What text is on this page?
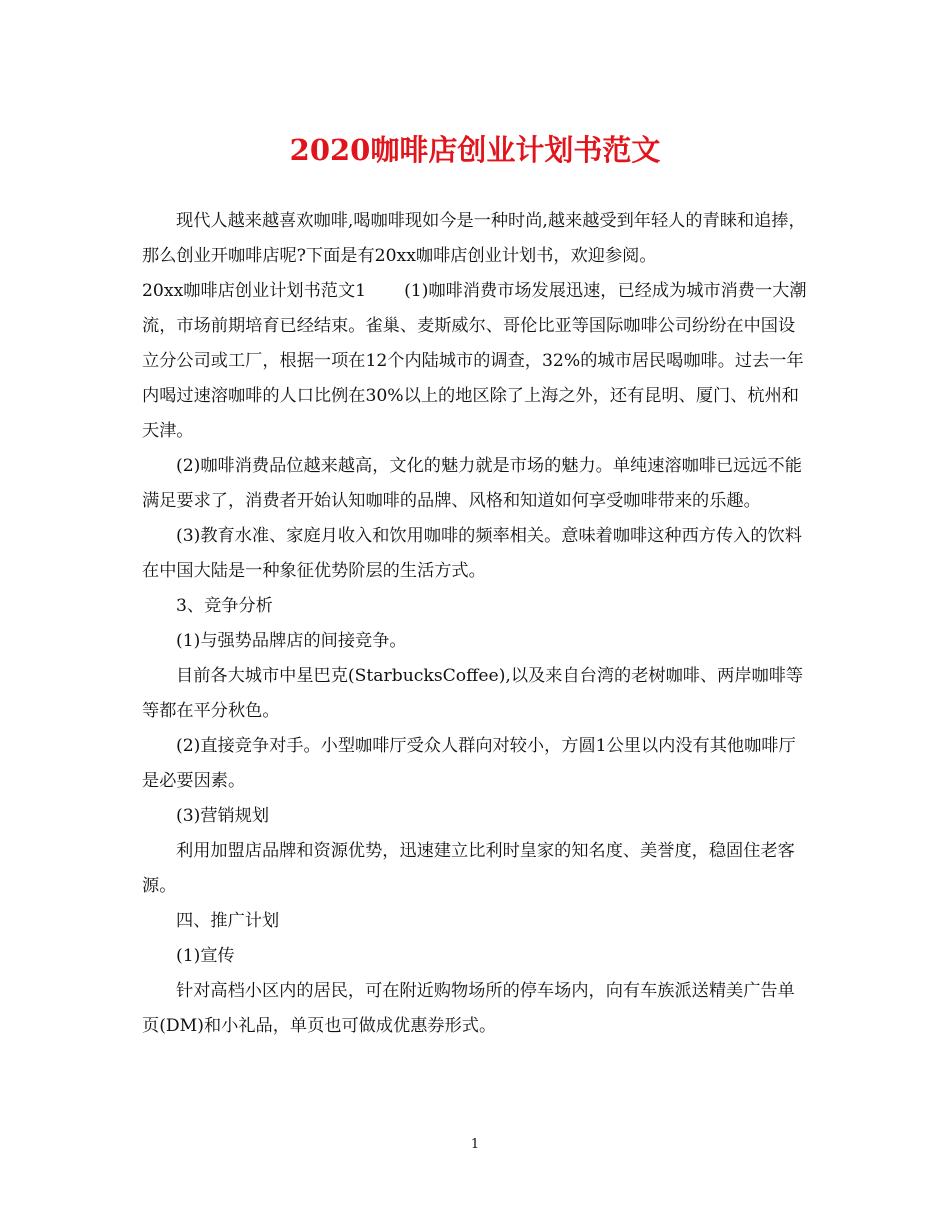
2020咖啡店创业计划书范文

现代人越来越喜欢咖啡,喝咖啡现如今是一种时尚,越来越受到年轻人的青睐和追捧，那么创业开咖啡店呢?下面是有20xx咖啡店创业计划书，欢迎参阅。

20xx咖啡店创业计划书范文1 (1)咖啡消费市场发展迅速，已经成为城市消费一大潮流，市场前期培育已经结束。雀巢、麦斯威尔、哥伦比亚等国际咖啡公司纷纷在中国设立分公司或工厂，根据一项在12个内陆城市的调查，32%的城市居民喝咖啡。过去一年内喝过速溶咖啡的人口比例在30%以上的地区除了上海之外，还有昆明、厦门、杭州和天津。

(2)咖啡消费品位越来越高，文化的魅力就是市场的魅力。单纯速溶咖啡已远远不能满足要求了，消费者开始认知咖啡的品牌、风格和知道如何享受咖啡带来的乐趣。

(3)教育水准、家庭月收入和饮用咖啡的频率相关。意味着咖啡这种西方传入的饮料在中国大陆是一种象征优势阶层的生活方式。

3、竞争分析

(1)与强势品牌店的间接竞争。

目前各大城市中星巴克(StarbucksCoffee),以及来自台湾的老树咖啡、两岸咖啡等等都在平分秋色。

(2)直接竞争对手。小型咖啡厅受众人群向对较小，方圆1公里以内没有其他咖啡厅是必要因素。

(3)营销规划

利用加盟店品牌和资源优势，迅速建立比利时皇家的知名度、美誉度，稳固住老客源。

四、推广计划

(1)宣传

针对高档小区内的居民，可在附近购物场所的停车场内，向有车族派送精美广告单页(DM)和小礼品，单页也可做成优惠券形式。

1
